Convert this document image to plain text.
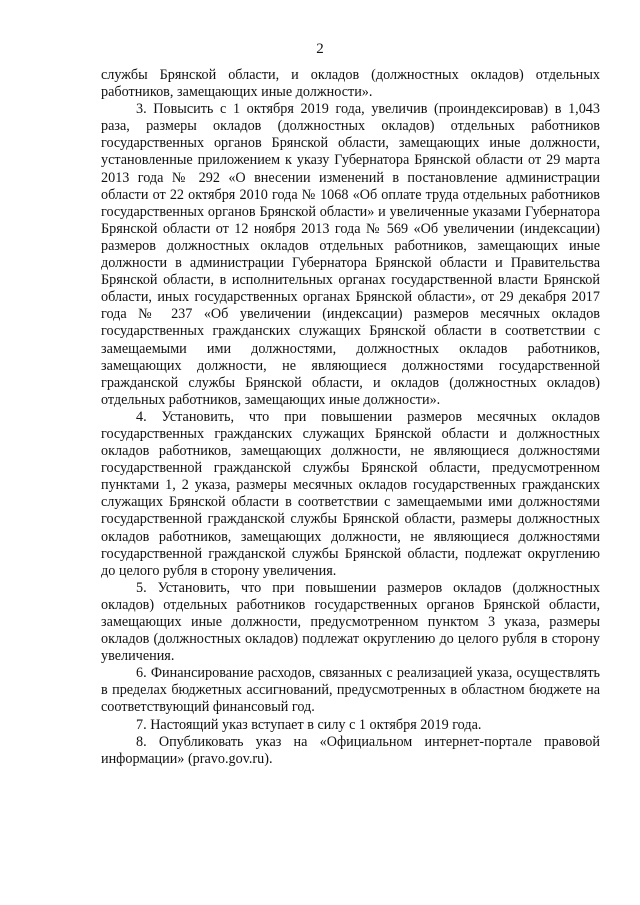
2

службы Брянской области, и окладов (должностных окладов) отдельных работников, замещающих иные должности».

3. Повысить с 1 октября 2019 года, увеличив (проиндексировав) в 1,043 раза, размеры окладов (должностных окладов) отдельных работников государственных органов Брянской области, замещающих иные должности, установленные приложением к указу Губернатора Брянской области от 29 марта 2013 года № 292 «О внесении изменений в постановление администрации области от 22 октября 2010 года № 1068 «Об оплате труда отдельных работников государственных органов Брянской области» и увеличенные указами Губернатора Брянской области от 12 ноября 2013 года № 569 «Об увеличении (индексации) размеров должностных окладов отдельных работников, замещающих иные должности в администрации Губернатора Брянской области и Правительства Брянской области, в исполнительных органах государственной власти Брянской области, иных государственных органах Брянской области», от 29 декабря 2017 года № 237 «Об увеличении (индексации) размеров месячных окладов государственных гражданских служащих Брянской области в соответствии с замещаемыми ими должностями, должностных окладов работников, замещающих должности, не являющиеся должностями государственной гражданской службы Брянской области, и окладов (должностных окладов) отдельных работников, замещающих иные должности».

4. Установить, что при повышении размеров месячных окладов государственных гражданских служащих Брянской области и должностных окладов работников, замещающих должности, не являющиеся должностями государственной гражданской службы Брянской области, предусмотренном пунктами 1, 2 указа, размеры месячных окладов государственных гражданских служащих Брянской области в соответствии с замещаемыми ими должностями государственной гражданской службы Брянской области, размеры должностных окладов работников, замещающих должности, не являющиеся должностями государственной гражданской службы Брянской области, подлежат округлению до целого рубля в сторону увеличения.

5. Установить, что при повышении размеров окладов (должностных окладов) отдельных работников государственных органов Брянской области, замещающих иные должности, предусмотренном пунктом 3 указа, размеры окладов (должностных окладов) подлежат округлению до целого рубля в сторону увеличения.

6. Финансирование расходов, связанных с реализацией указа, осуществлять в пределах бюджетных ассигнований, предусмотренных в областном бюджете на соответствующий финансовый год.

7. Настоящий указ вступает в силу с 1 октября 2019 года.

8. Опубликовать указ на «Официальном интернет-портале правовой информации» (pravo.gov.ru).
